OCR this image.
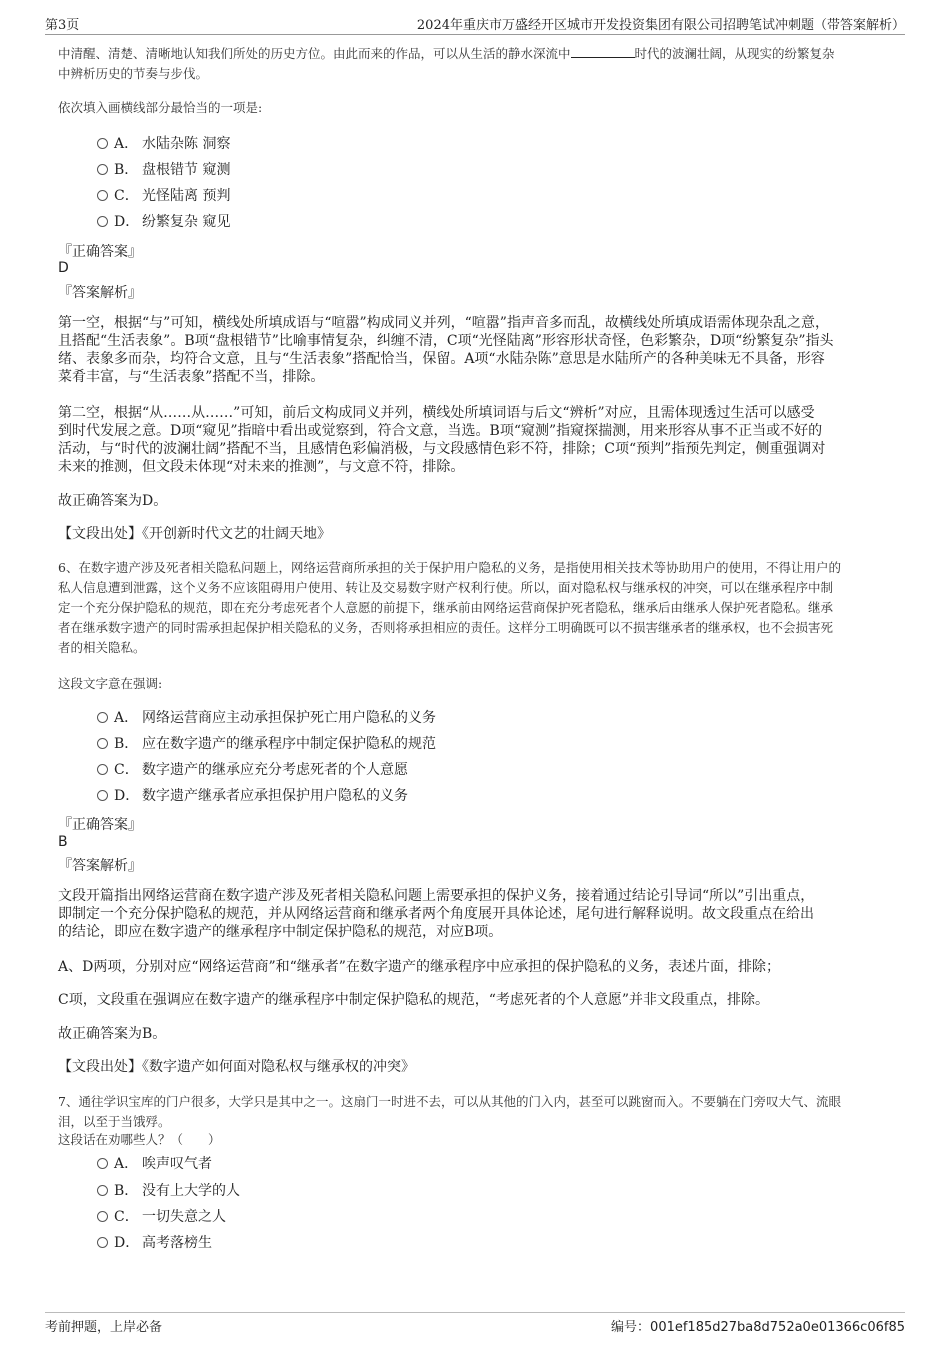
第3页	2024年重庆市万盛经开区城市开发投资集团有限公司招聘笔试冲刺题（带答案解析）
中清醒、清楚、清晰地认知我们所处的历史方位。由此而来的作品，可以从生活的静水深流中	时代的波澜壮阔，从现实的纷繁复杂
中辨析历史的节奏与步伐。
依次填入画横线部分最恰当的一项是:
A． 水陆杂陈 洞察
B． 盘根错节 窥测
C． 光怪陆离 预判
D． 纷繁复杂 窥见
『正确答案』
D
『答案解析』
第一空，根据“与”可知，横线处所填成语与“喧嚣”构成同义并列，“喧嚣”指声音多而乱，故横线处所填成语需体现杂乱之意，
且搭配“生活表象”。B项“盘根错节”比喻事情复杂，纠缠不清，C项“光怪陆离”形容形状奇怪，色彩繁杂，D项“纷繁复杂”指头
绪、表象多而杂，均符合文意，且与“生活表象”搭配恰当，保留。A项“水陆杂陈”意思是水陆所产的各种美味无不具备，形容
菜肴丰富，与“生活表象”搭配不当，排除。
第二空，根据“从……从……”可知，前后文构成同义并列，横线处所填词语与后文“辨析”对应，且需体现透过生活可以感受
到时代发展之意。D项“窥见”指暗中看出或觉察到，符合文意，当选。B项“窥测”指窥探揣测，用来形容从事不正当或不好的
活动，与“时代的波澜壮阔”搭配不当，且感情色彩偏消极，与文段感情色彩不符，排除；C项“预判”指预先判定，侧重强调对
未来的推测，但文段未体现“对未来的推测”，与文意不符，排除。
故正确答案为D。
【文段出处】《开创新时代文艺的壮阔天地》
6、在数字遗产涉及死者相关隐私问题上，网络运营商所承担的关于保护用户隐私的义务，是指使用相关技术等协助用户的使用，不得让用户的
私人信息遭到泄露，这个义务不应该阻碍用户使用、转让及交易数字财产权利行使。所以，面对隐私权与继承权的冲突，可以在继承程序中制
定一个充分保护隐私的规范，即在充分考虑死者个人意愿的前提下，继承前由网络运营商保护死者隐私，继承后由继承人保护死者隐私。继承
者在继承数字遗产的同时需承担起保护相关隐私的义务，否则将承担相应的责任。这样分工明确既可以不损害继承者的继承权，也不会损害死
者的相关隐私。
这段文字意在强调:
A． 网络运营商应主动承担保护死亡用户隐私的义务
B． 应在数字遗产的继承程序中制定保护隐私的规范
C． 数字遗产的继承应充分考虑死者的个人意愿
D． 数字遗产继承者应承担保护用户隐私的义务
『正确答案』
B
『答案解析』
文段开篇指出网络运营商在数字遗产涉及死者相关隐私问题上需要承担的保护义务，接着通过结论引导词“所以”引出重点，
即制定一个充分保护隐私的规范，并从网络运营商和继承者两个角度展开具体论述，尾句进行解释说明。故文段重点在给出
的结论，即应在数字遗产的继承程序中制定保护隐私的规范，对应B项。
A、D两项，分别对应“网络运营商”和“继承者”在数字遗产的继承程序中应承担的保护隐私的义务，表述片面，排除；
C项，文段重在强调应在数字遗产的继承程序中制定保护隐私的规范，“考虑死者的个人意愿”并非文段重点，排除。
故正确答案为B。
【文段出处】《数字遗产如何面对隐私权与继承权的冲突》
7、通往学识宝库的门户很多，大学只是其中之一。这扇门一时进不去，可以从其他的门入内，甚至可以跳窗而入。不要躺在门旁叹大气、流眼
泪，以至于当饿殍。
这段话在劝哪些人？（　　）
A． 唉声叹气者
B． 没有上大学的人
C． 一切失意之人
D． 高考落榜生
考前押题，上岸必备	编号：001ef185d27ba8d752a0e01366c06f85
